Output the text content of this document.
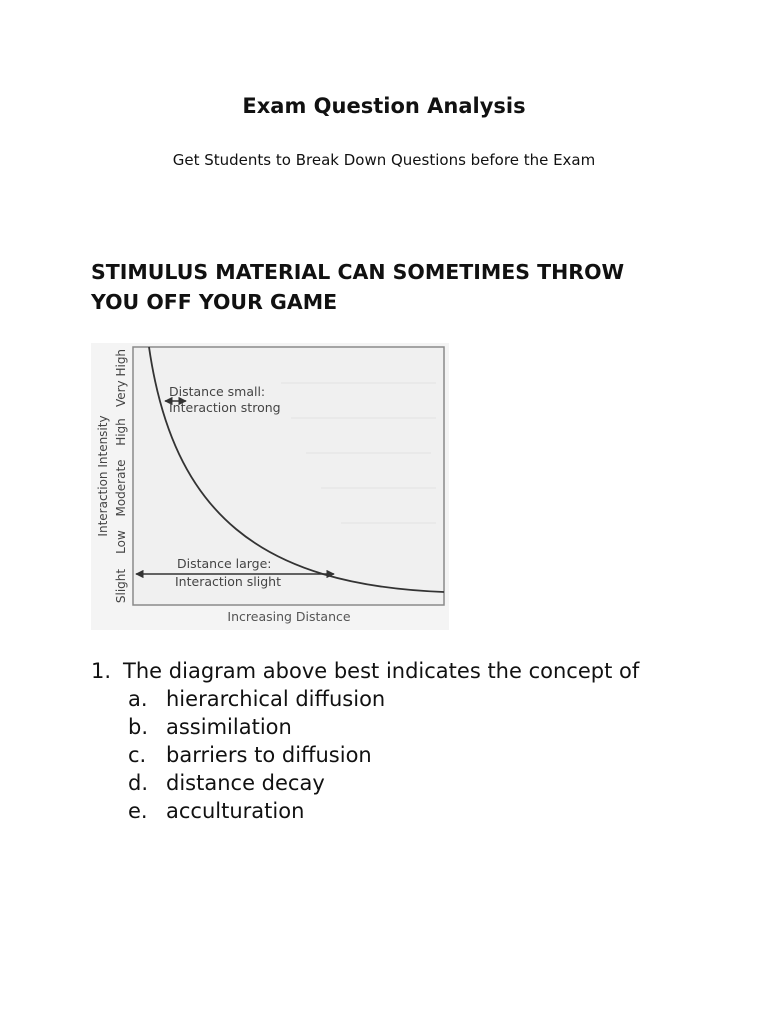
Exam Question Analysis

Get Students to Break Down Questions before the Exam

STIMULUS MATERIAL CAN SOMETIMES THROW
YOU OFF YOUR GAME
Distance small:
Interaction strong
Distance large:
Interaction slight
Interaction Intensity
Slight
Low
Moderate
High
Very High
Increasing Distance

1. The diagram above best indicates the concept of

a. hierarchical diffusion
b. assimilation
c. barriers to diffusion
d. distance decay
e. acculturation
